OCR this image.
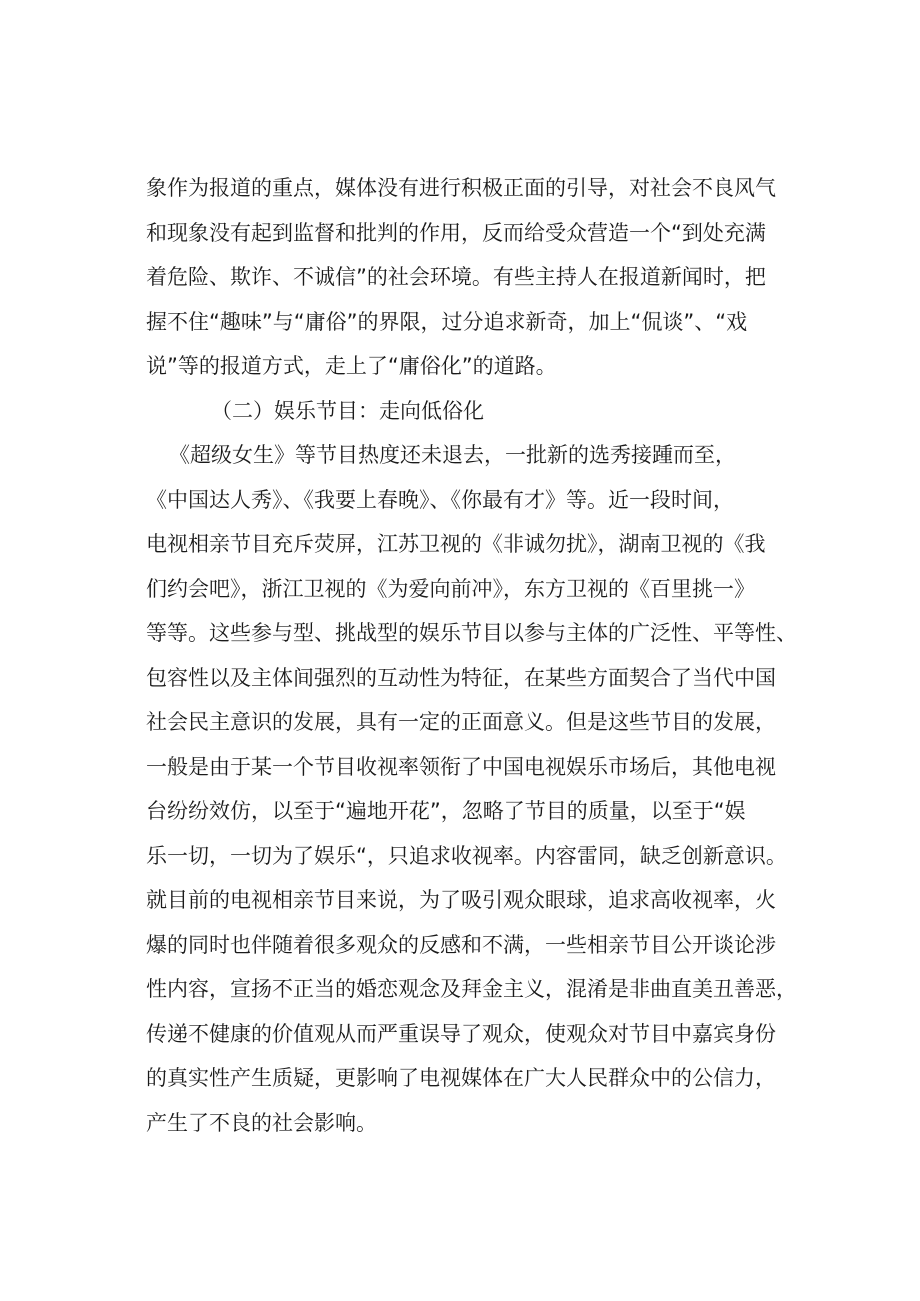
象作为报道的重点，媒体没有进行积极正面的引导，对社会不良风气

和现象没有起到监督和批判的作用，反而给受众营造一个“到处充满

着危险、欺诈、不诚信”的社会环境。有些主持人在报道新闻时，把

握不住“趣味”与“庸俗”的界限，过分追求新奇，加上“侃谈”、“戏

说”等的报道方式，走上了“庸俗化”的道路。

（二）娱乐节目：走向低俗化

《超级女生》等节目热度还未退去，一批新的选秀接踵而至，

《中国达人秀》、《我要上春晚》、《你最有才》等。近一段时间，

电视相亲节目充斥荧屏，江苏卫视的《非诚勿扰》，湖南卫视的《我

们约会吧》，浙江卫视的《为爱向前冲》，东方卫视的《百里挑一》

等等。这些参与型、挑战型的娱乐节目以参与主体的广泛性、平等性、

包容性以及主体间强烈的互动性为特征，在某些方面契合了当代中国

社会民主意识的发展，具有一定的正面意义。但是这些节目的发展，

一般是由于某一个节目收视率领衔了中国电视娱乐市场后，其他电视

台纷纷效仿，以至于“遍地开花”，忽略了节目的质量，以至于“娱

乐一切，一切为了娱乐“，只追求收视率。内容雷同，缺乏创新意识。

就目前的电视相亲节目来说，为了吸引观众眼球，追求高收视率，火

爆的同时也伴随着很多观众的反感和不满，一些相亲节目公开谈论涉

性内容，宣扬不正当的婚恋观念及拜金主义，混淆是非曲直美丑善恶，

传递不健康的价值观从而严重误导了观众，使观众对节目中嘉宾身份

的真实性产生质疑，更影响了电视媒体在广大人民群众中的公信力，

产生了不良的社会影响。
